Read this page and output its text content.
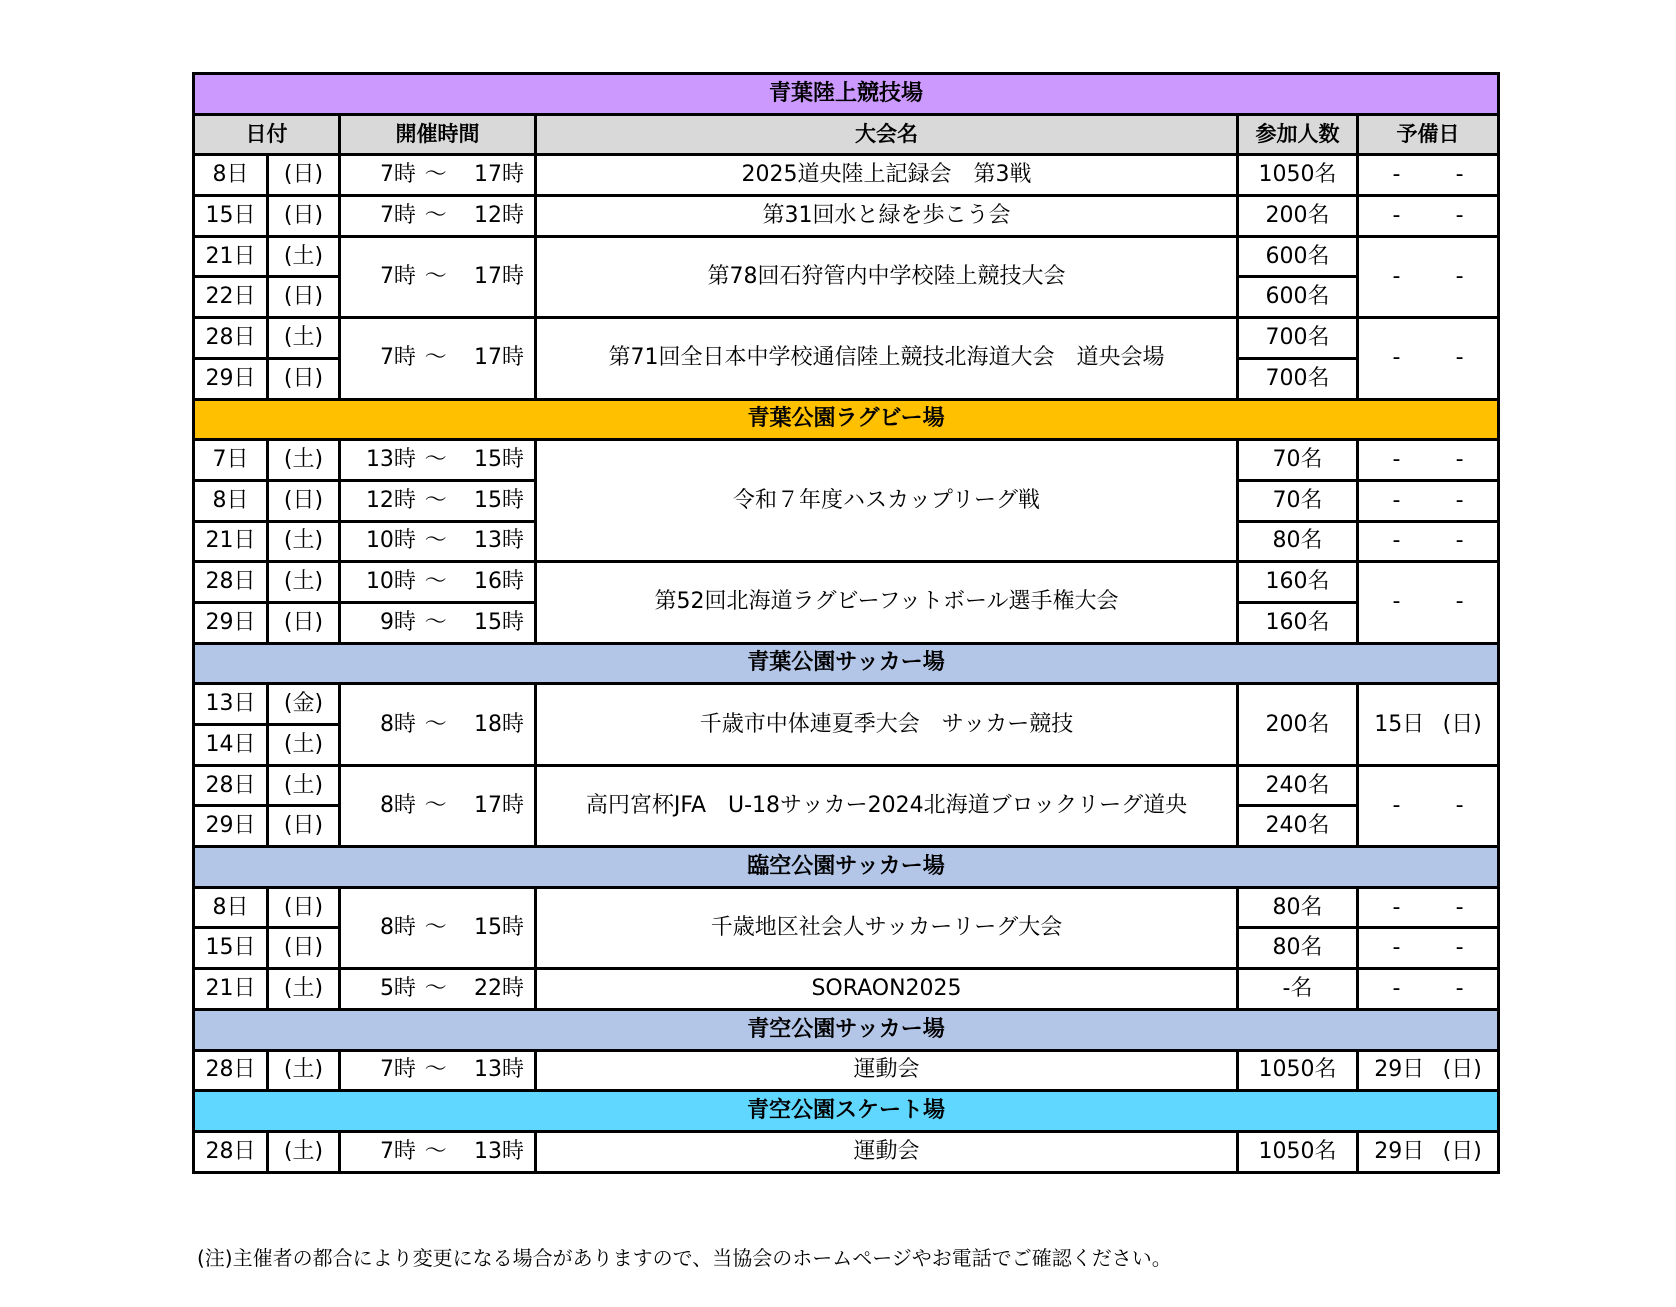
青葉陸上競技場					
日付		開催時間	大会名	参加人数	予備日
8日	(日)	7時 ～ 17時	2025道央陸上記録会　第3戦	1050名	- -

15日	(日)	7時 ～ 12時	第31回水と緑を歩こう会	200名	- -

21日	(土)	7時 ～ 17時	第78回石狩管内中学校陸上競技大会	600名	- -

22日	(日)			600名	
28日	(土)	7時 ～ 17時	第71回全日本中学校通信陸上競技北海道大会　道央会場	700名	- -

29日	(日)			700名	
青葉公園ラグビー場					
7日	(土)	13時 ～ 15時	令和７年度ハスカップリーグ戦	70名	- -

8日	(日)	12時 ～ 15時		70名	- -

21日	(土)	10時 ～ 13時		80名	- -

28日	(土)	10時 ～ 16時	第52回北海道ラグビーフットボール選手権大会	160名	- -

29日	(日)	9時 ～ 15時		160名	
青葉公園サッカー場					
13日	(金)	8時 ～ 18時	千歳市中体連夏季大会　サッカー競技	200名	15日 (日)

14日	(土)				
28日	(土)	8時 ～ 17時	高円宮杯JFA　U-18サッカー2024北海道ブロックリーグ道央	240名	- -

29日	(日)			240名	
臨空公園サッカー場					
8日	(日)	8時 ～ 15時	千歳地区社会人サッカーリーグ大会	80名	- -

15日	(日)			80名	- -

21日	(土)	5時 ～ 22時	SORAON2025	-名	- -

青空公園サッカー場					
28日	(土)	7時 ～ 13時	運動会	1050名	29日 (日)

青空公園スケート場					
28日	(土)	7時 ～ 13時	運動会	1050名	29日 (日)
(注)主催者の都合により変更になる場合がありますので、当協会のホームページやお電話でご確認ください。
